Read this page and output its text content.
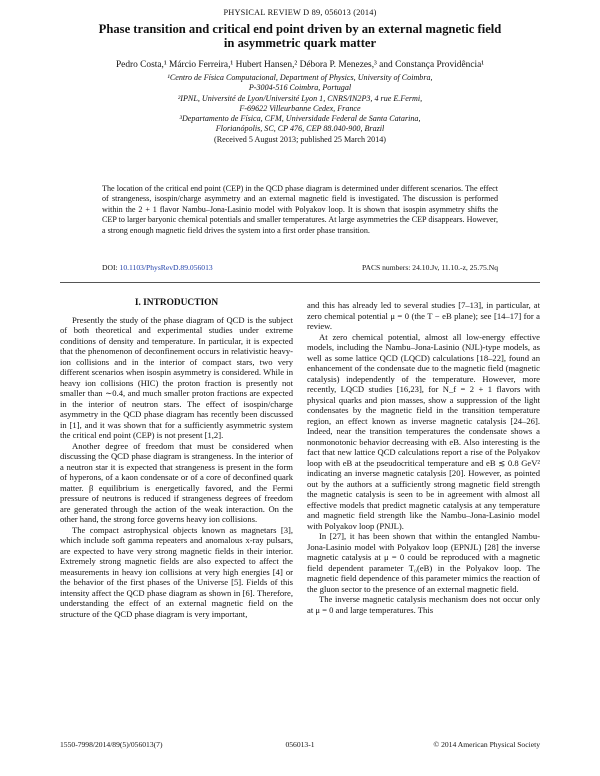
PHYSICAL REVIEW D 89, 056013 (2014)
Phase transition and critical end point driven by an external magnetic field
in asymmetric quark matter
Pedro Costa,¹ Márcio Ferreira,¹ Hubert Hansen,² Débora P. Menezes,³ and Constança Providência¹

¹Centro de Física Computacional, Department of Physics, University of Coimbra,

P-3004-516 Coimbra, Portugal

²IPNL, Université de Lyon/Université Lyon 1, CNRS/IN2P3, 4 rue E.Fermi,

F-69622 Villeurbanne Cedex, France

³Departamento de Física, CFM, Universidade Federal de Santa Catarina,

Florianópolis, SC, CP 476, CEP 88.040-900, Brazil

(Received 5 August 2013; published 25 March 2014)

The location of the critical end point (CEP) in the QCD phase diagram is determined under different scenarios. The effect of strangeness, isospin/charge asymmetry and an external magnetic field is investigated. The discussion is performed within the 2 + 1 flavor Nambu–Jona-Lasinio model with Polyakov loop. It is shown that isospin asymmetry shifts the CEP to larger baryonic chemical potentials and smaller temperatures. At large asymmetries the CEP disappears. However, a strong enough magnetic field drives the system into a first order phase transition.
DOI: 10.1103/PhysRevD.89.056013	PACS numbers: 24.10.Jv, 11.10.-z, 25.75.Nq
I. INTRODUCTION

Presently the study of the phase diagram of QCD is the subject of both theoretical and experimental studies under extreme conditions of density and temperature. In particular, it is expected that the phenomenon of deconfinement occurs in relativistic heavy-ion collisions and in the interior of compact stars, two very different scenarios when isospin asymmetry is considered. While in heavy ion collisions (HIC) the proton fraction is presently not smaller than ∼0.4, and much smaller proton fractions are expected in the interior of neutron stars. The effect of isospin/charge asymmetry in the QCD phase diagram has recently been discussed in [1], and it was shown that for a sufficiently asymmetric system the critical end point (CEP) is not present [1,2].

Another degree of freedom that must be considered when discussing the QCD phase diagram is strangeness. In the interior of a neutron star it is expected that strangeness is present in the form of hyperons, of a kaon condensate or of a core of deconfined quark matter. β equilibrium is energetically favored, and the Fermi pressure of neutrons is reduced if strangeness degrees of freedom are generated through the action of the weak interaction. On the other hand, the strong force governs heavy ion collisions.

The compact astrophysical objects known as magnetars [3], which include soft gamma repeaters and anomalous x-ray pulsars, are expected to have very strong magnetic fields in their interior. Extremely strong magnetic fields are also expected to affect the measurements in heavy ion collisions at very high energies [4] or the behavior of the first phases of the Universe [5]. Fields of this intensity affect the QCD phase diagram as shown in [6]. Therefore, understanding the effect of an external magnetic field on the structure of the QCD phase diagram is very important,

and this has already led to several studies [7–13], in particular, at zero chemical potential μ = 0 (the T − eB plane); see [14–17] for a review.

At zero chemical potential, almost all low-energy effective models, including the Nambu–Jona-Lasinio (NJL)-type models, as well as some lattice QCD (LQCD) calculations [18–22], found an enhancement of the condensate due to the magnetic field (magnetic catalysis) independently of the temperature. However, more recently, LQCD studies [16,23], for N_f = 2 + 1 flavors with physical quarks and pion masses, show a suppression of the light condensates by the magnetic field in the transition temperature region, an effect known as inverse magnetic catalysis [24–26]. Indeed, near the transition temperatures the condensate shows a nonmonotonic behavior decreasing with eB. Also interesting is the fact that new lattice QCD calculations report a rise of the Polyakov loop with eB at the pseudocritical temperature and eB ≲ 0.8 GeV² indicating an inverse magnetic catalysis [20]. However, as pointed out by the authors at a sufficiently strong magnetic field strength the magnetic catalysis is seen to be in agreement with almost all effective models that predict magnetic catalysis at any temperature and magnetic field strength like the Nambu–Jona-Lasinio model with Polyakov loop (PNJL).

In [27], it has been shown that within the entangled Nambu-Jona-Lasinio model with Polyakov loop (EPNJL) [28] the inverse magnetic catalysis at μ = 0 could be reproduced with a magnetic field dependent parameter T₀(eB) in the Polyakov loop. The magnetic field dependence of this parameter mimics the reaction of the gluon sector to the presence of an external magnetic field.

The inverse magnetic catalysis mechanism does not occur only at μ = 0 and large temperatures. This

1550-7998/2014/89(5)/056013(7)	056013-1	© 2014 American Physical Society
